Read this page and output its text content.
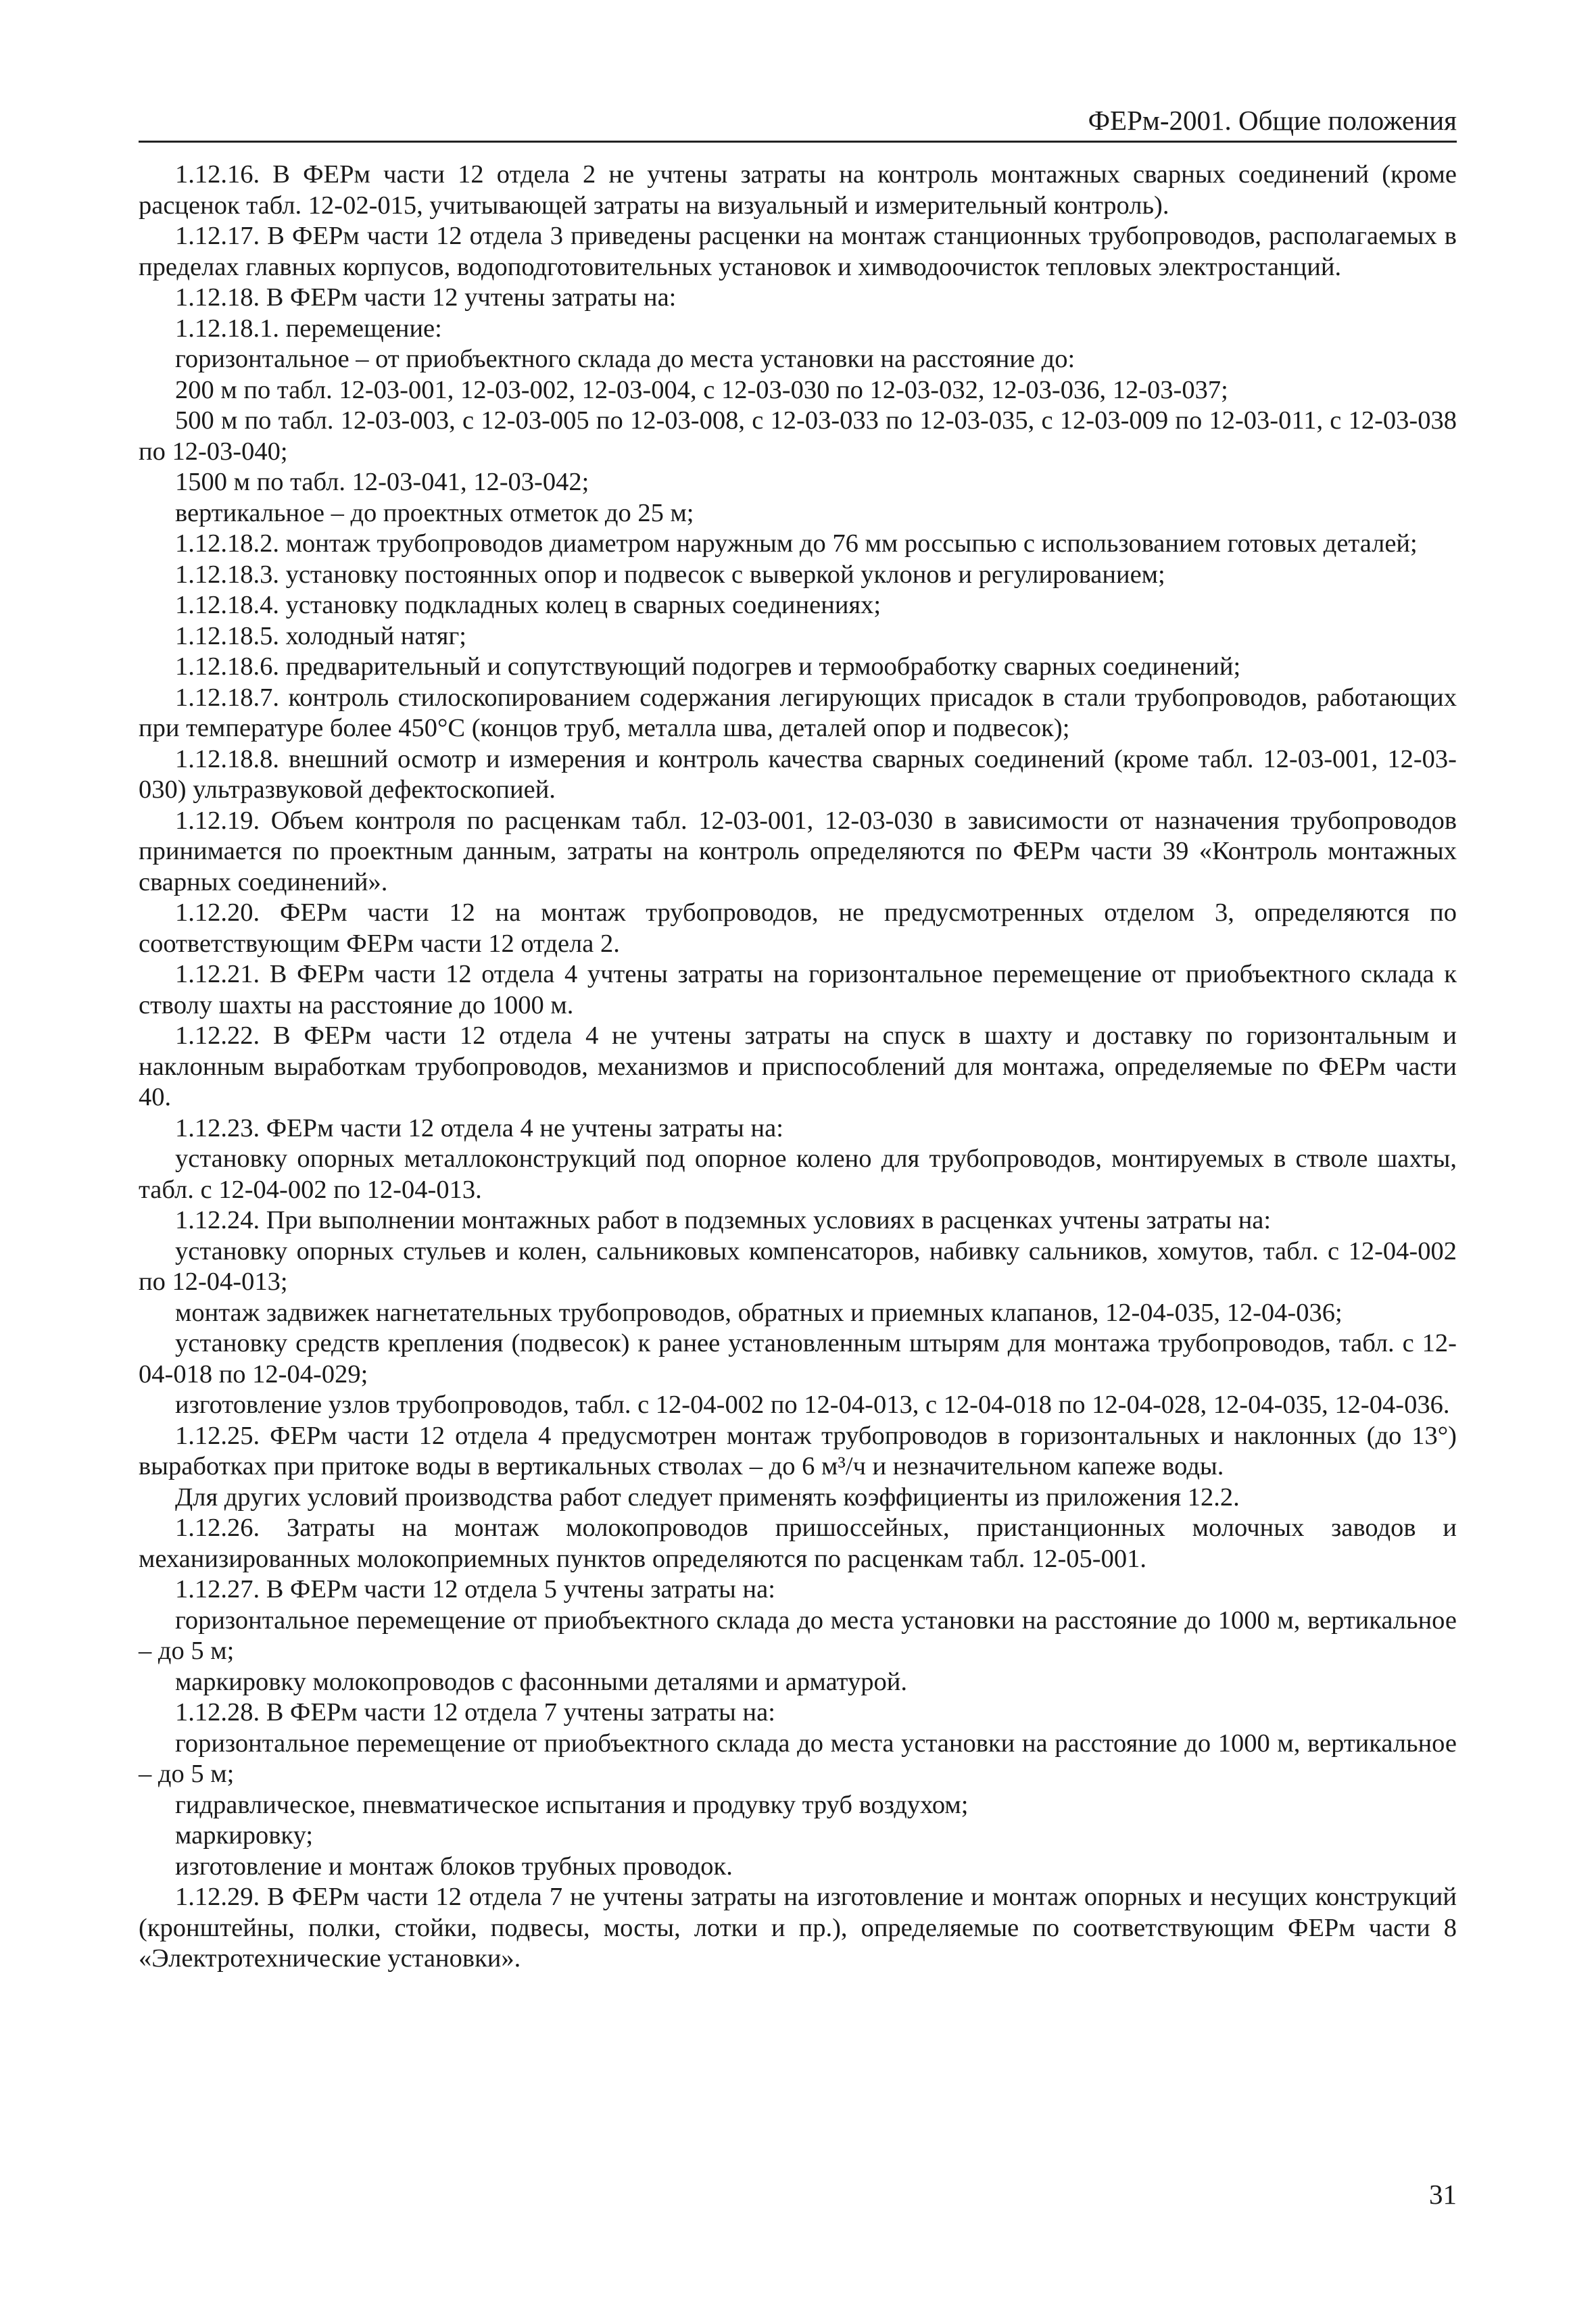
ФЕРм-2001. Общие положения

1.12.16. В ФЕРм части 12 отдела 2 не учтены затраты на контроль монтажных сварных соединений (кроме расценок табл. 12-02-015, учитывающей затраты на визуальный и измерительный контроль).

1.12.17. В ФЕРм части 12 отдела 3 приведены расценки на монтаж станционных трубопроводов, располагаемых в пределах главных корпусов, водоподготовительных установок и химводоочисток тепловых электростанций.

1.12.18. В ФЕРм части 12 учтены затраты на:

1.12.18.1. перемещение:

горизонтальное – от приобъектного склада до места установки на расстояние до:

200 м по табл. 12-03-001, 12-03-002, 12-03-004, с 12-03-030 по 12-03-032, 12-03-036, 12-03-037;

500 м по табл. 12-03-003, с 12-03-005 по 12-03-008, с 12-03-033 по 12-03-035, с 12-03-009 по 12-03-011, с 12-03-038 по 12-03-040;

1500 м по табл. 12-03-041, 12-03-042;

вертикальное – до проектных отметок до 25 м;

1.12.18.2. монтаж трубопроводов диаметром наружным до 76 мм россыпью с использованием готовых деталей;

1.12.18.3. установку постоянных опор и подвесок с выверкой уклонов и регулированием;

1.12.18.4. установку подкладных колец в сварных соединениях;

1.12.18.5. холодный натяг;

1.12.18.6. предварительный и сопутствующий подогрев и термообработку сварных соединений;

1.12.18.7. контроль стилоскопированием содержания легирующих присадок в стали трубопроводов, работающих при температуре более 450°С (концов труб, металла шва, деталей опор и подвесок);

1.12.18.8. внешний осмотр и измерения и контроль качества сварных соединений (кроме табл. 12-03-001, 12-03-030) ультразвуковой дефектоскопией.

1.12.19. Объем контроля по расценкам табл. 12-03-001, 12-03-030 в зависимости от назначения трубопроводов принимается по проектным данным, затраты на контроль определяются по ФЕРм части 39 «Контроль монтажных сварных соединений».

1.12.20. ФЕРм части 12 на монтаж трубопроводов, не предусмотренных отделом 3, определяются по соответствующим ФЕРм части 12 отдела 2.

1.12.21. В ФЕРм части 12 отдела 4 учтены затраты на горизонтальное перемещение от приобъектного склада к стволу шахты на расстояние до 1000 м.

1.12.22. В ФЕРм части 12 отдела 4 не учтены затраты на спуск в шахту и доставку по горизонтальным и наклонным выработкам трубопроводов, механизмов и приспособлений для монтажа, определяемые по ФЕРм части 40.

1.12.23. ФЕРм части 12 отдела 4 не учтены затраты на:

установку опорных металлоконструкций под опорное колено для трубопроводов, монтируемых в стволе шахты, табл. с 12-04-002 по 12-04-013.

1.12.24. При выполнении монтажных работ в подземных условиях в расценках учтены затраты на:

установку опорных стульев и колен, сальниковых компенсаторов, набивку сальников, хомутов, табл. с 12-04-002 по 12-04-013;

монтаж задвижек нагнетательных трубопроводов, обратных и приемных клапанов, 12-04-035, 12-04-036;

установку средств крепления (подвесок) к ранее установленным штырям для монтажа трубопроводов, табл. с 12-04-018 по 12-04-029;

изготовление узлов трубопроводов, табл. с 12-04-002 по 12-04-013, с 12-04-018 по 12-04-028, 12-04-035, 12-04-036.

1.12.25. ФЕРм части 12 отдела 4 предусмотрен монтаж трубопроводов в горизонтальных и наклонных (до 13°) выработках при притоке воды в вертикальных стволах – до 6 м³/ч и незначительном капеже воды.

Для других условий производства работ следует применять коэффициенты из приложения 12.2.

1.12.26. Затраты на монтаж молокопроводов пришоссейных, пристанционных молочных заводов и механизированных молокоприемных пунктов определяются по расценкам табл. 12-05-001.

1.12.27. В ФЕРм части 12 отдела 5 учтены затраты на:

горизонтальное перемещение от приобъектного склада до места установки на расстояние до 1000 м, вертикальное – до 5 м;

маркировку молокопроводов с фасонными деталями и арматурой.

1.12.28. В ФЕРм части 12 отдела 7 учтены затраты на:

горизонтальное перемещение от приобъектного склада до места установки на расстояние до 1000 м, вертикальное – до 5 м;

гидравлическое, пневматическое испытания и продувку труб воздухом;

маркировку;

изготовление и монтаж блоков трубных проводок.

1.12.29. В ФЕРм части 12 отдела 7 не учтены затраты на изготовление и монтаж опорных и несущих конструкций (кронштейны, полки, стойки, подвесы, мосты, лотки и пр.), определяемые по соответствующим ФЕРм части 8 «Электротехнические установки».

31
